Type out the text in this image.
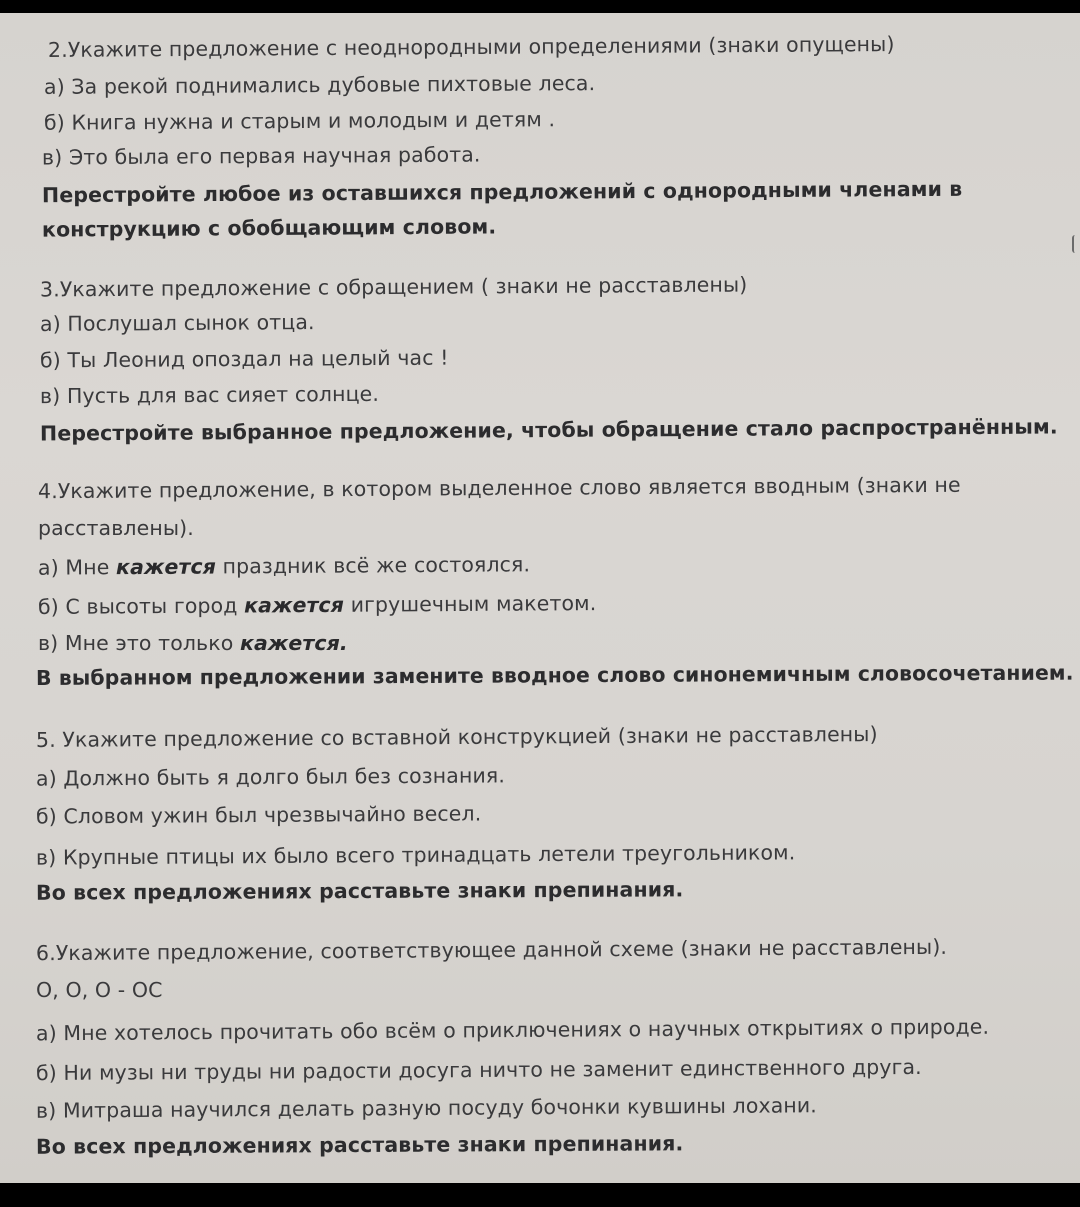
2.Укажите предложение с неоднородными определениями (знаки опущены)
а) За рекой поднимались дубовые пихтовые леса.
б) Книга нужна и старым и молодым и детям .
в) Это была его первая научная работа.
Перестройте любое из оставшихся предложений с однородными членами в
конструкцию с обобщающим словом.
3.Укажите предложение с обращением ( знаки не расставлены)
а) Послушал сынок отца.
б) Ты Леонид опоздал на целый час !
в) Пусть для вас сияет солнце.
Перестройте выбранное предложение, чтобы обращение стало распространённым.
4.Укажите предложение, в котором выделенное слово является вводным (знаки не
расставлены).
а) Мне кажется праздник всё же состоялся.
б) С высоты город кажется игрушечным макетом.
в) Мне это только кажется.
В выбранном предложении замените вводное слово синонемичным словосочетанием.
5. Укажите предложение со вставной конструкцией (знаки не расставлены)
а) Должно быть я долго был без сознания.
б) Словом ужин был чрезвычайно весел.
в) Крупные птицы их было всего тринадцать летели треугольником.
Во всех предложениях расставьте знаки препинания.
6.Укажите предложение, соответствующее данной схеме (знаки не расставлены).
О, О, О - ОС
а) Мне хотелось прочитать обо всём о приключениях о научных открытиях о природе.
б) Ни музы ни труды ни радости досуга ничто не заменит единственного друга.
в) Митраша научился делать разную посуду бочонки кувшины лохани.
Во всех предложениях расставьте знаки препинания.
